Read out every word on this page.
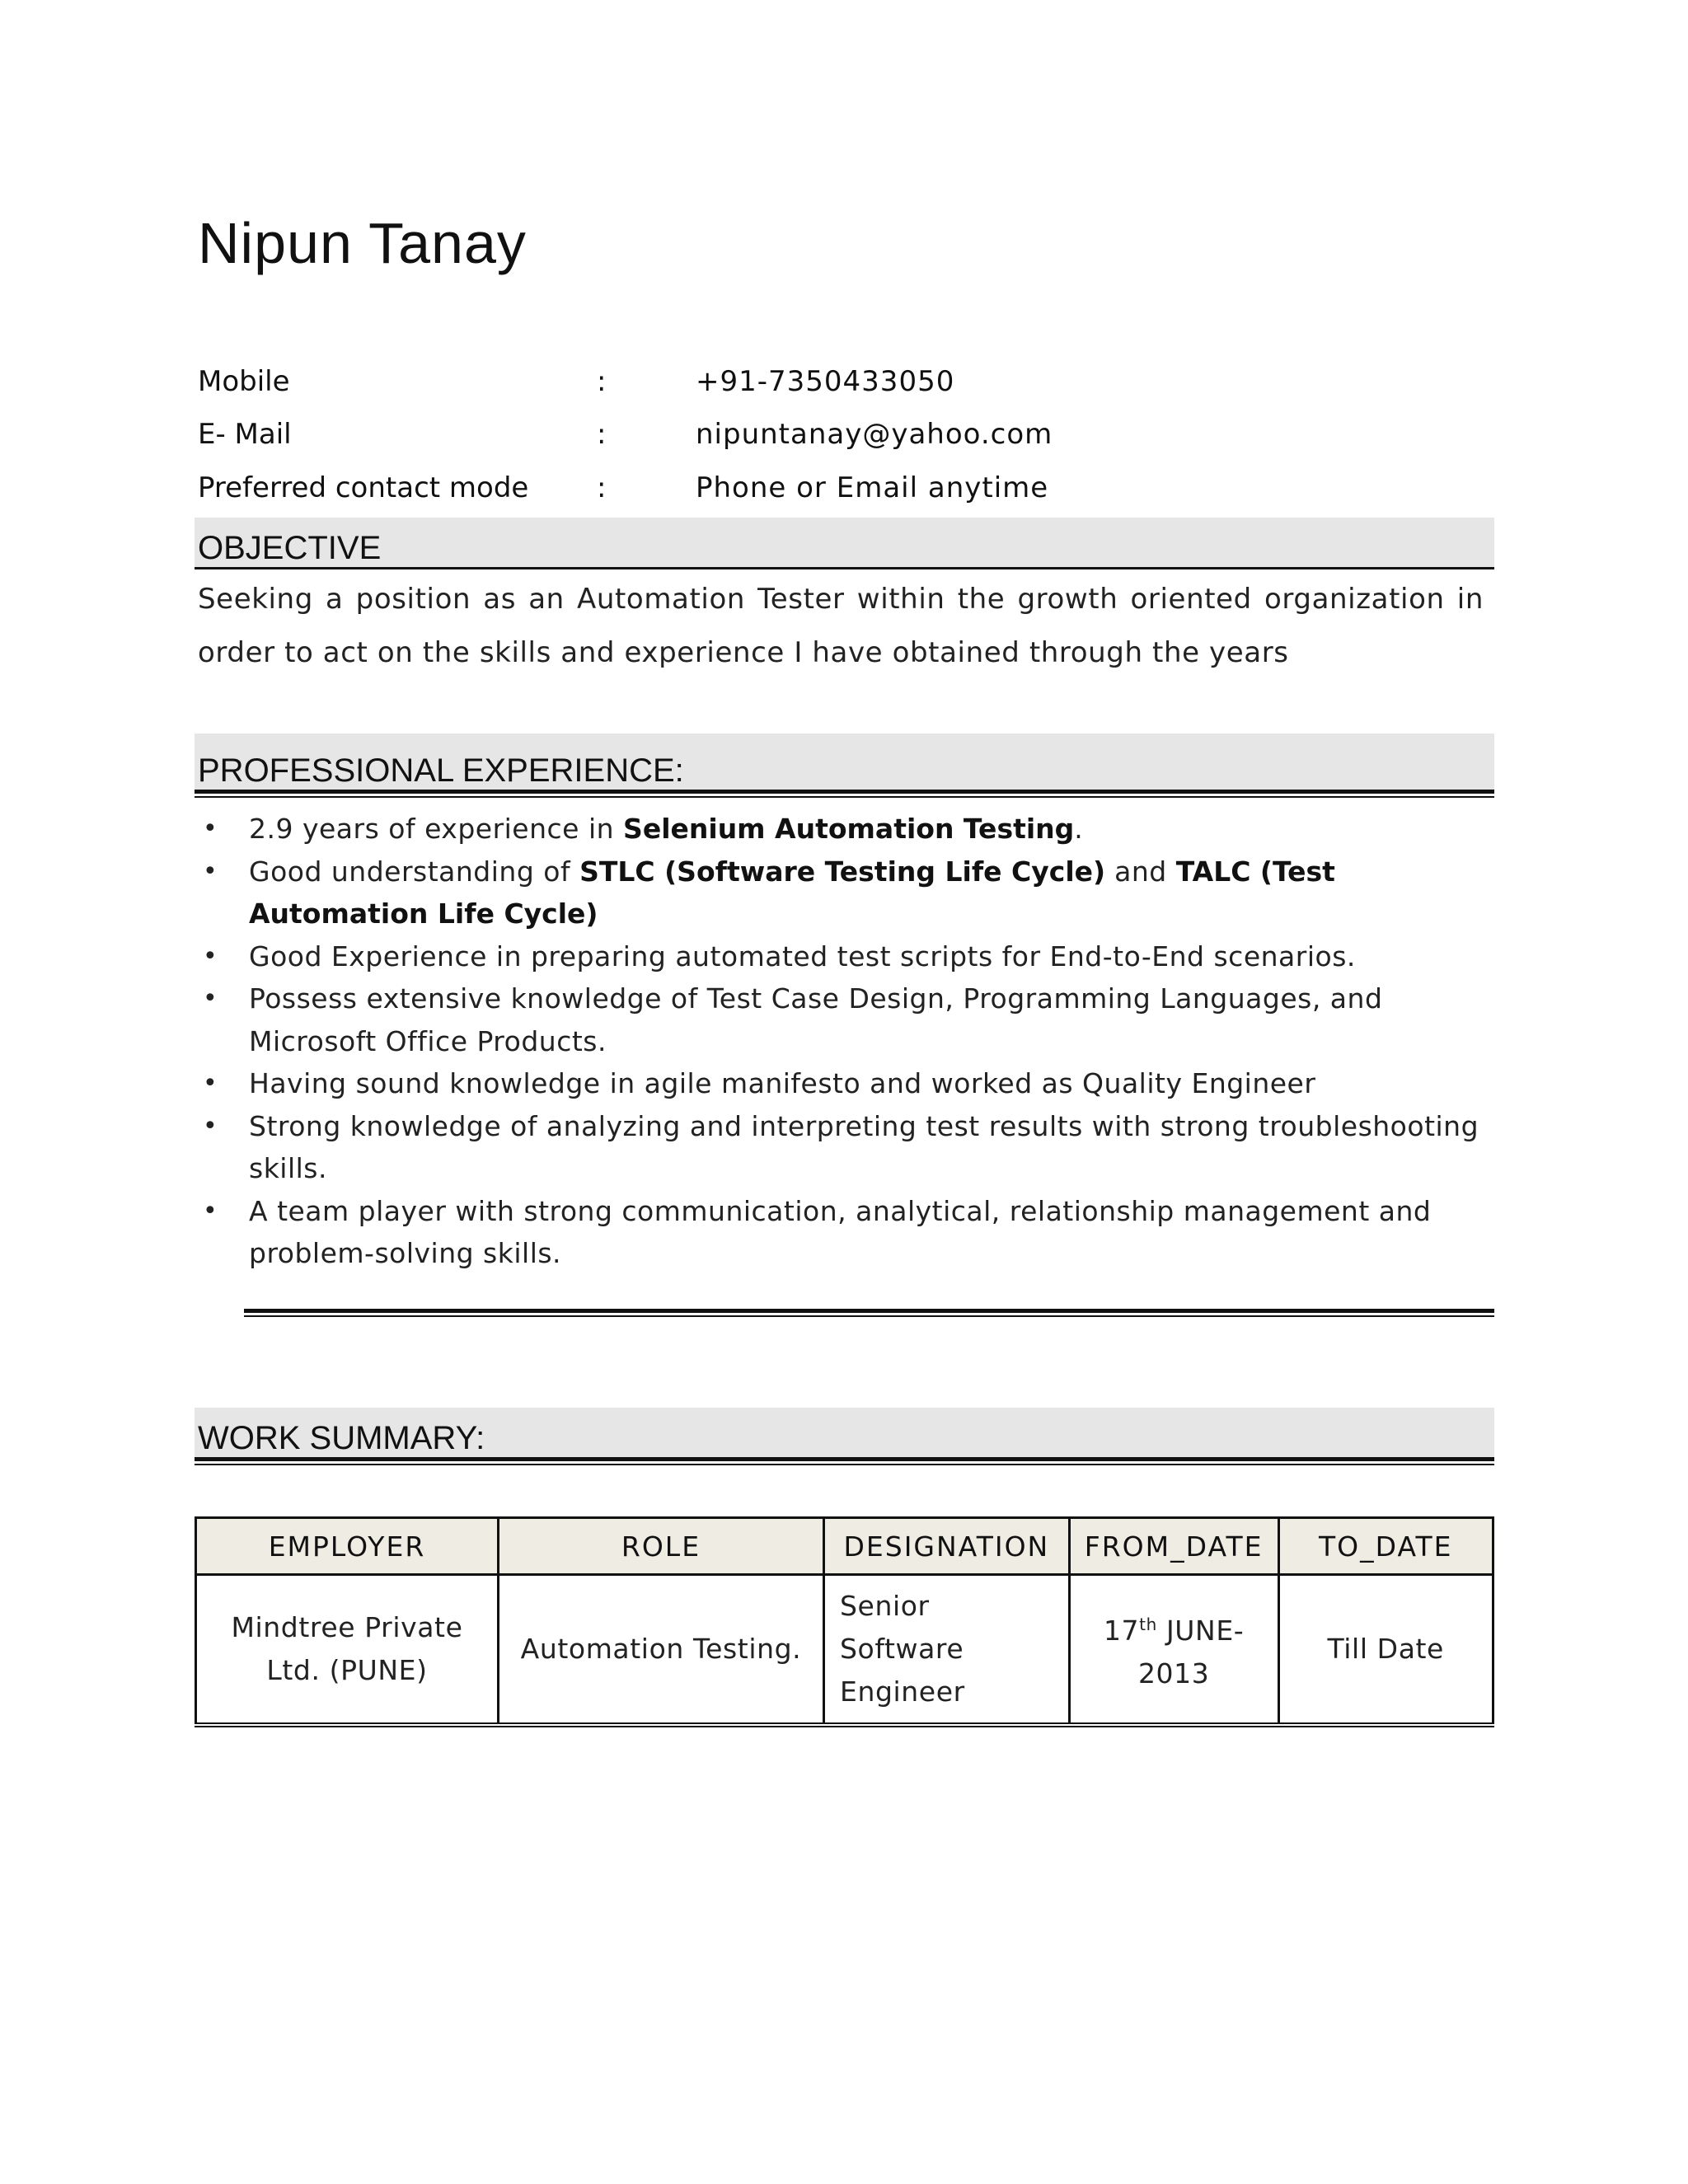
Nipun Tanay
Mobile	:	+91-7350433050
E- Mail	:	nipuntanay@yahoo.com
Preferred contact mode :	Phone or Email anytime
OBJECTIVE
Seeking a position as an Automation Tester within the growth oriented organization in order to act on the skills and experience I have obtained through the years
PROFESSIONAL EXPERIENCE:
• 2.9 years of experience in Selenium Automation Testing.
• Good understanding of STLC (Software Testing Life Cycle) and TALC (Test Automation Life Cycle)
• Good Experience in preparing automated test scripts for End-to-End scenarios.
• Possess extensive knowledge of Test Case Design, Programming Languages, and Microsoft Office Products.
• Having sound knowledge in agile manifesto and worked as Quality Engineer
• Strong knowledge of analyzing and interpreting test results with strong troubleshooting skills.
• A team player with strong communication, analytical, relationship management and problem-solving skills.
WORK SUMMARY:
EMPLOYER	ROLE	DESIGNATION	FROM_DATE	TO_DATE
Mindtree Private Ltd. (PUNE)	Automation Testing.	Senior Software Engineer	17th JUNE-2013	Till Date
